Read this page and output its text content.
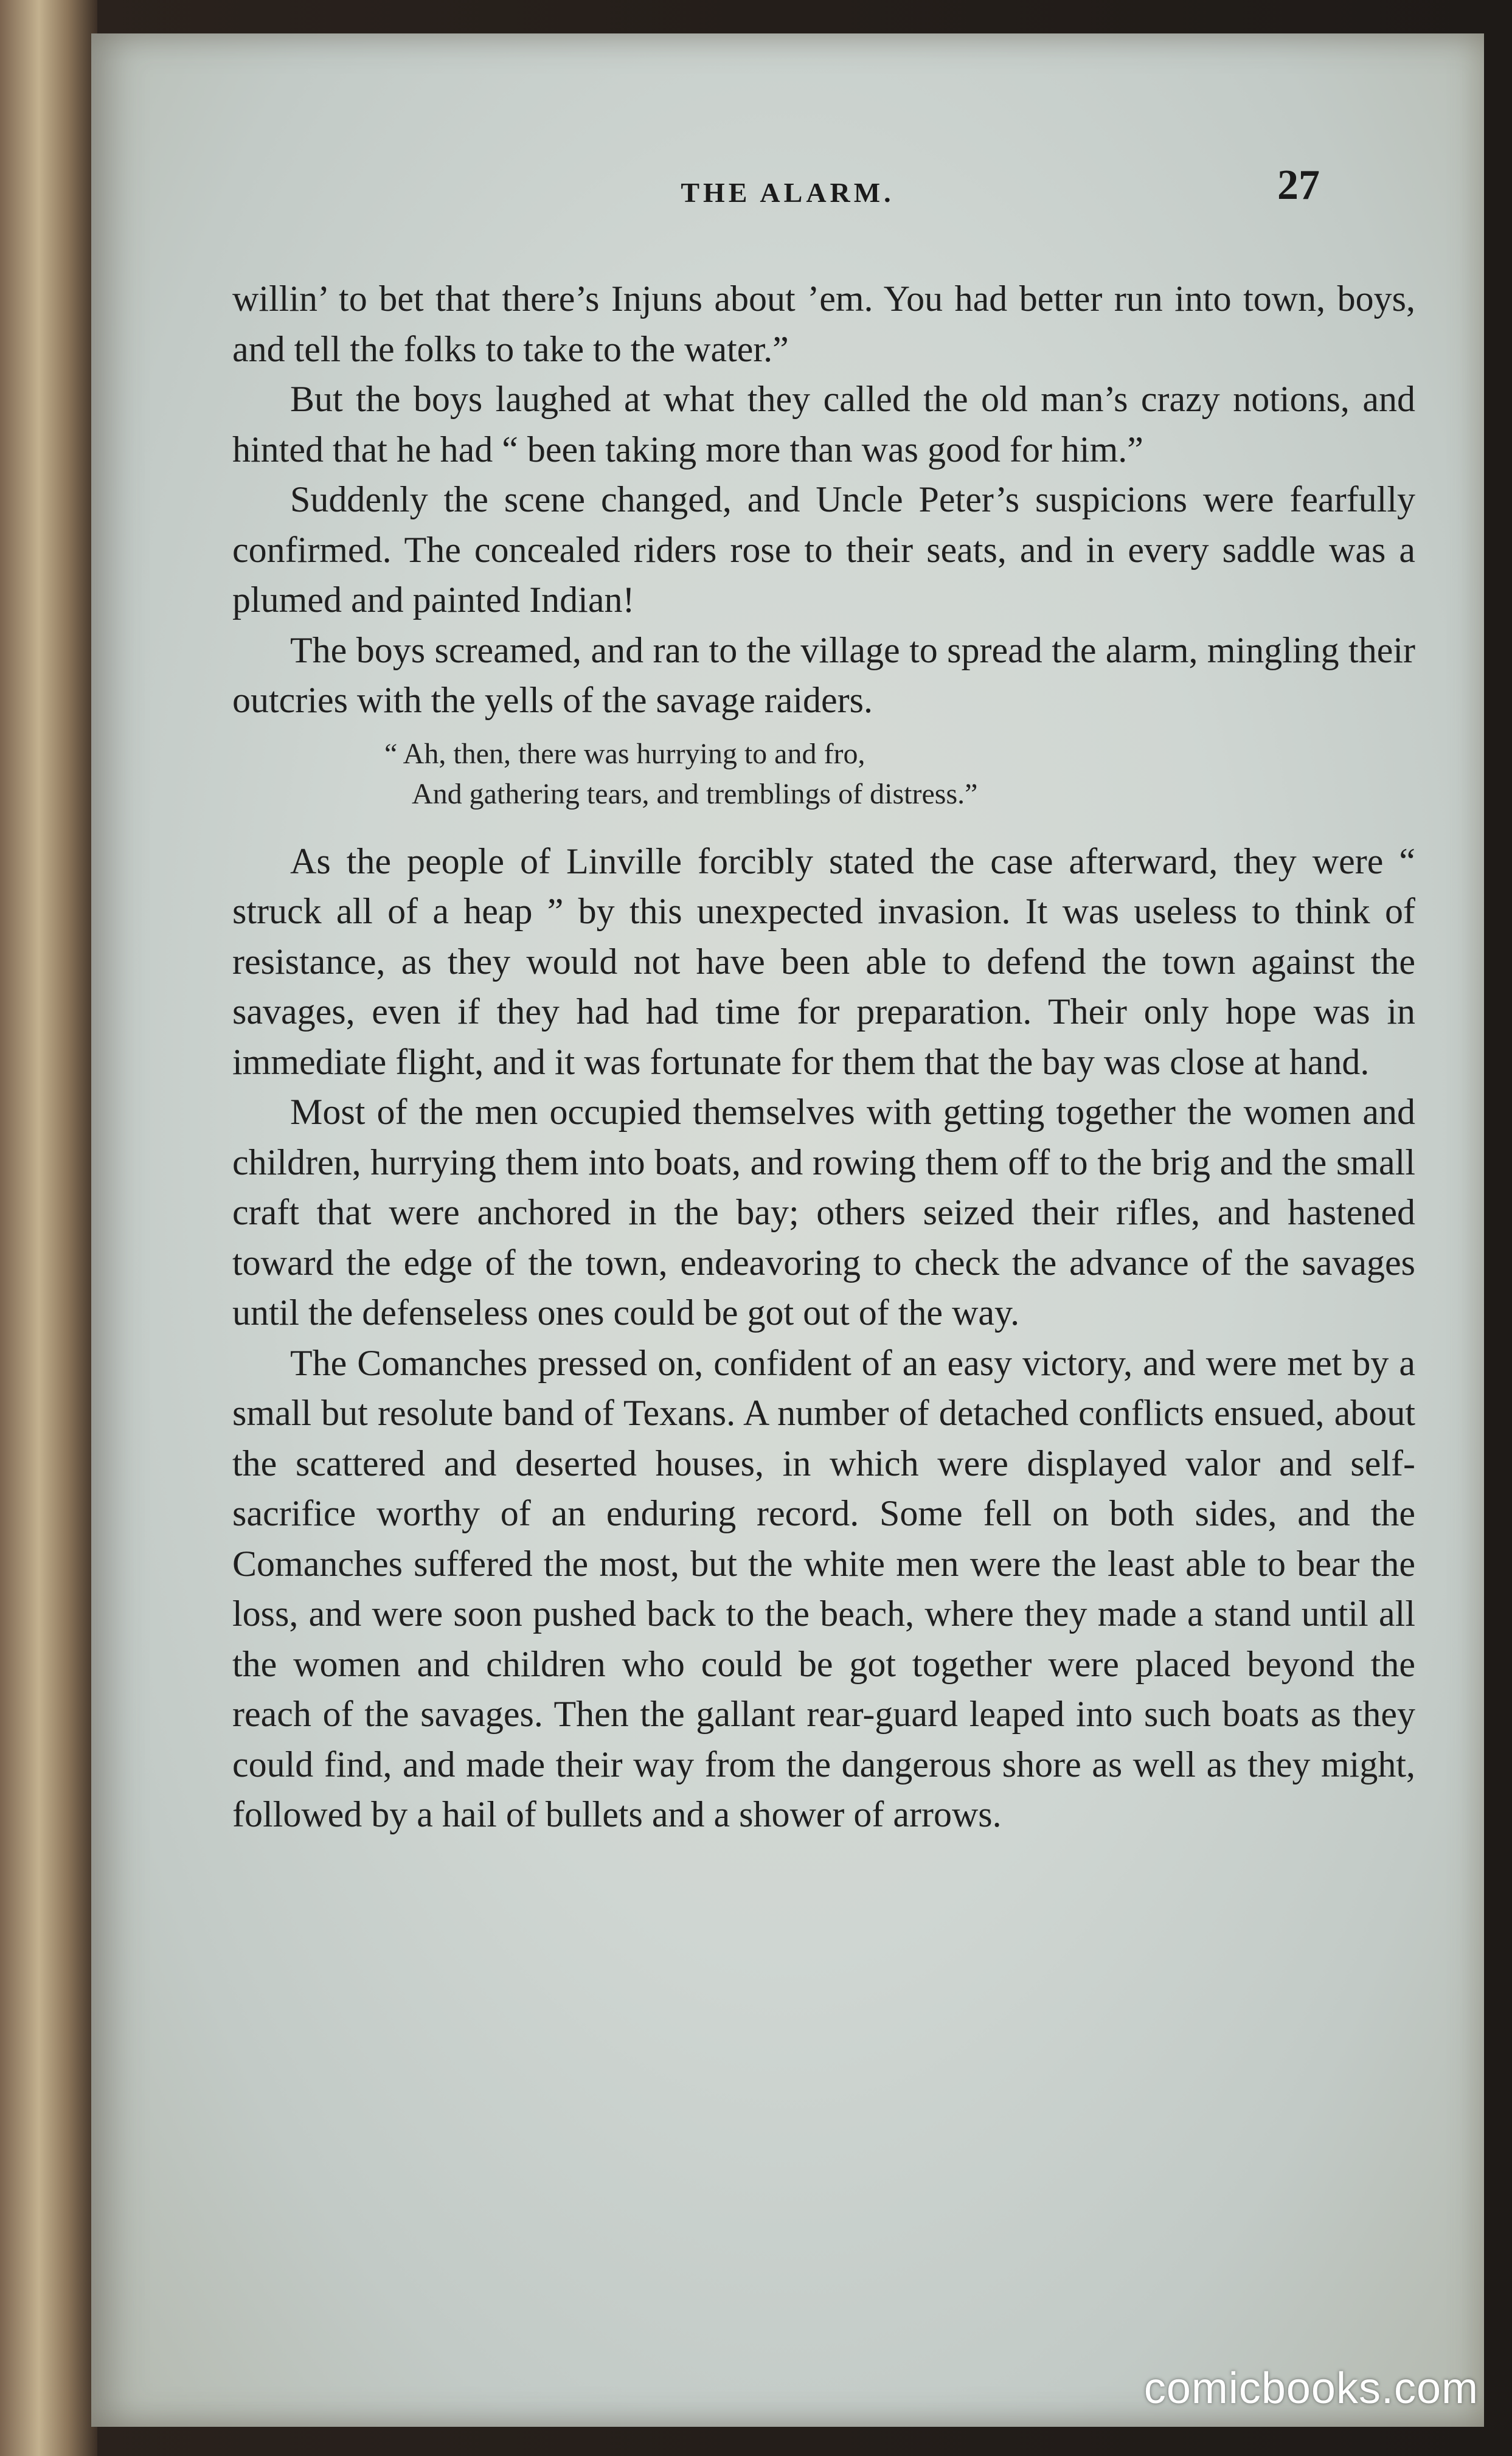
THE ALARM.	27

willin’ to bet that there’s Injuns about ’em. You had better run into town, boys, and tell the folks to take to the water.”

But the boys laughed at what they called the old man’s crazy notions, and hinted that he had “ been taking more than was good for him.”

Suddenly the scene changed, and Uncle Peter’s suspicions were fearfully confirmed. The concealed riders rose to their seats, and in every saddle was a plumed and painted Indian!

The boys screamed, and ran to the village to spread the alarm, mingling their outcries with the yells of the savage raiders.

“ Ah, then, there was hurrying to and fro,
And gathering tears, and tremblings of distress.”

As the people of Linville forcibly stated the case afterward, they were “ struck all of a heap ” by this unexpected invasion. It was useless to think of resistance, as they would not have been able to defend the town against the savages, even if they had had time for preparation. Their only hope was in immediate flight, and it was fortunate for them that the bay was close at hand.

Most of the men occupied themselves with getting together the women and children, hurrying them into boats, and rowing them off to the brig and the small craft that were anchored in the bay; others seized their rifles, and hastened toward the edge of the town, endeavoring to check the advance of the savages until the defenseless ones could be got out of the way.

The Comanches pressed on, confident of an easy victory, and were met by a small but resolute band of Texans. A number of detached conflicts ensued, about the scattered and deserted houses, in which were displayed valor and self-sacrifice worthy of an enduring record. Some fell on both sides, and the Comanches suffered the most, but the white men were the least able to bear the loss, and were soon pushed back to the beach, where they made a stand until all the women and children who could be got together were placed beyond the reach of the savages. Then the gallant rear-guard leaped into such boats as they could find, and made their way from the dangerous shore as well as they might, followed by a hail of bullets and a shower of arrows.

comicbooks.com
